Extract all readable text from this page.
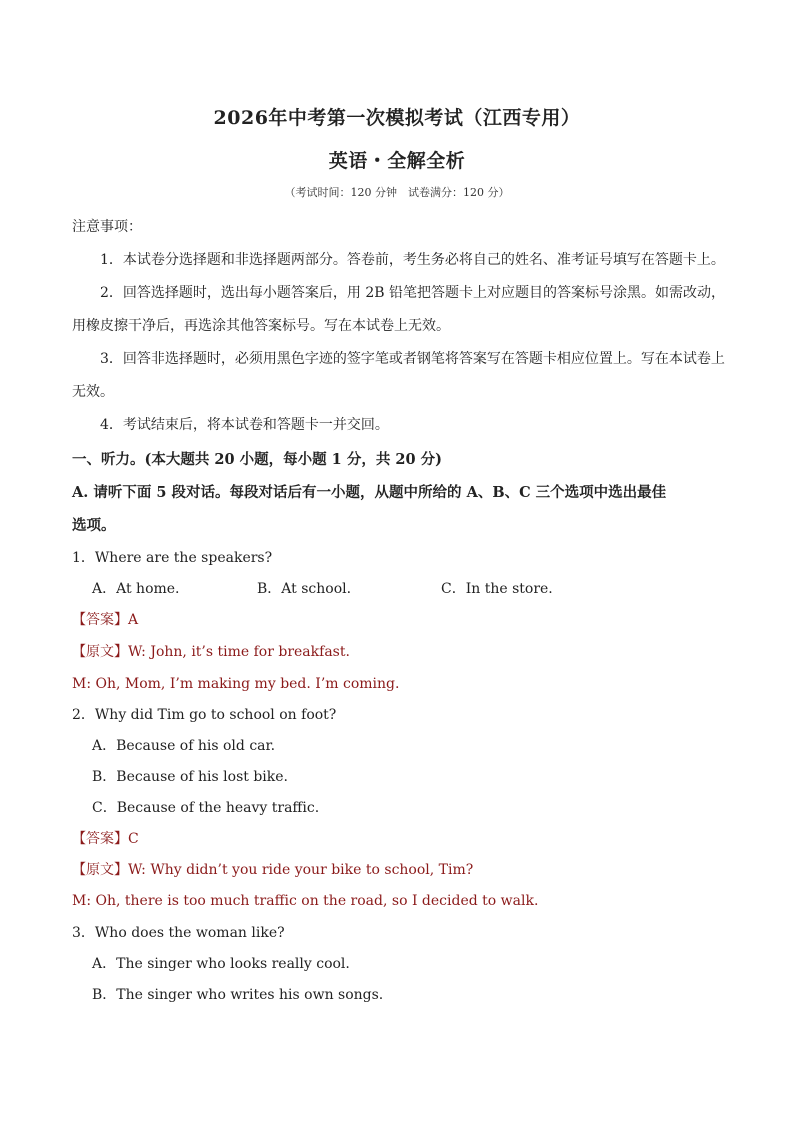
2026年中考第一次模拟考试（江西专用）
英语・全解全析
（考试时间：120 分钟　试卷满分：120 分）
注意事项：
1．本试卷分选择题和非选择题两部分。答卷前，考生务必将自己的姓名、准考证号填写在答题卡上。
2．回答选择题时，选出每小题答案后，用 2B 铅笔把答题卡上对应题目的答案标号涂黑。如需改动，
用橡皮擦干净后，再选涂其他答案标号。写在本试卷上无效。
3．回答非选择题时，必须用黑色字迹的签字笔或者钢笔将答案写在答题卡相应位置上。写在本试卷上
无效。
4．考试结束后，将本试卷和答题卡一并交回。
一、听力。(本大题共 20 小题，每小题 1 分，共 20 分)
A. 请听下面 5 段对话。每段对话后有一小题，从题中所给的 A、B、C 三个选项中选出最佳
选项。
1．Where are the speakers?
A．At home.	B．At school.	C．In the store.
【答案】A
【原文】W: John, it’s time for breakfast.
M: Oh, Mom, I’m making my bed. I’m coming.
2．Why did Tim go to school on foot?
A．Because of his old car.
B．Because of his lost bike.
C．Because of the heavy traffic.
【答案】C
【原文】W: Why didn’t you ride your bike to school, Tim?
M: Oh, there is too much traffic on the road, so I decided to walk.
3．Who does the woman like?
A．The singer who looks really cool.
B．The singer who writes his own songs.
